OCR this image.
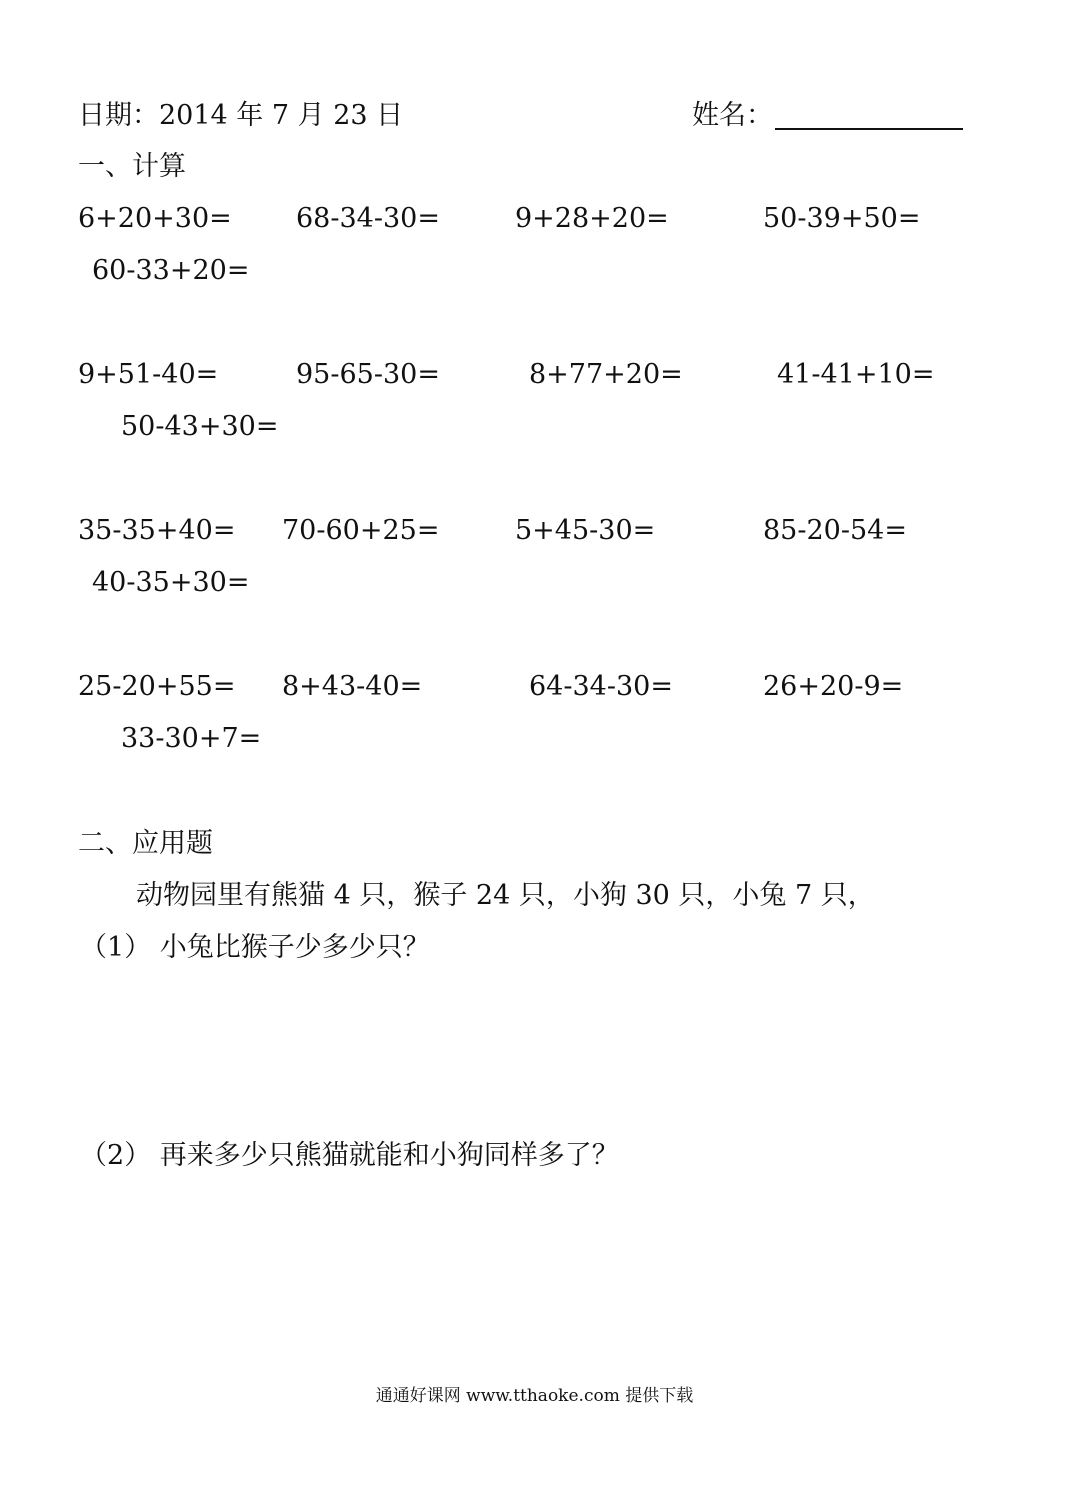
日期：2014 年 7 月 23 日	姓名：
一、计算
6+20+30= 68-34-30=	9+28+20=	50-39+50=
60-33+20=
9+51-40=	95-65-30=	8+77+20=	41-41+10=
50-43+30=
35-35+40= 70-60+25=	5+45-30=	85-20-54=
40-35+30=
25-20+55= 8+43-40=	64-34-30=	26+20-9=
33-30+7=
二、应用题
动物园里有熊猫 4 只，猴子 24 只，小狗 30 只，小兔 7 只，
（1） 小兔比猴子少多少只？
（2） 再来多少只熊猫就能和小狗同样多了？
通通好课网 www.tthaoke.com 提供下载
